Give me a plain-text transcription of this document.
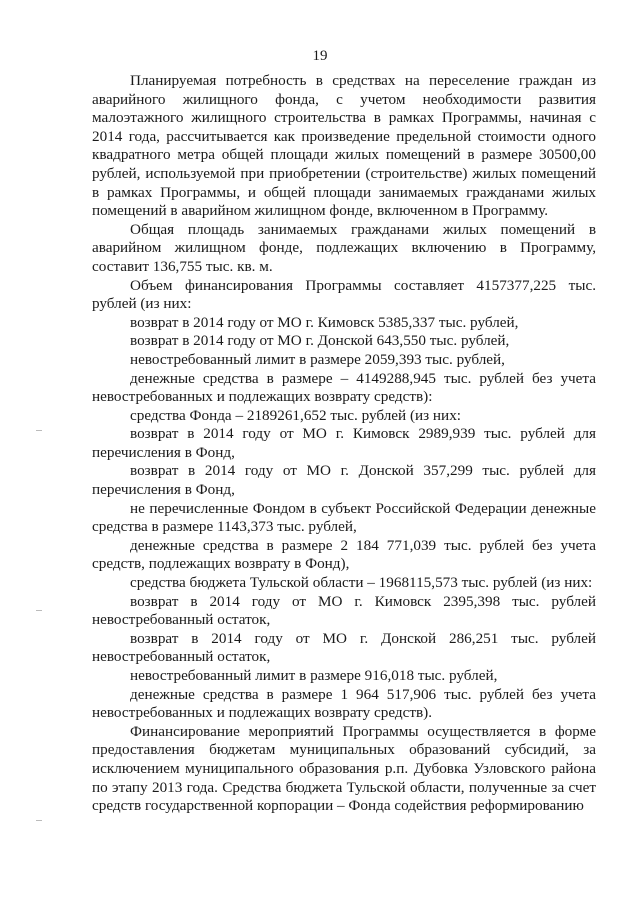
19

Планируемая потребность в средствах на переселение граждан из аварийного жилищного фонда, с учетом необходимости развития малоэтажного жилищного строительства в рамках Программы, начиная с 2014 года, рассчитывается как произведение предельной стоимости одного квадратного метра общей площади жилых помещений в размере 30500,00 рублей, используемой при приобретении (строительстве) жилых помещений в рамках Программы, и общей площади занимаемых гражданами жилых помещений в аварийном жилищном фонде, включенном в Программу.

Общая площадь занимаемых гражданами жилых помещений в аварийном жилищном фонде, подлежащих включению в Программу, составит 136,755 тыс. кв. м.

Объем финансирования Программы составляет 4157377,225 тыс. рублей (из них:

возврат в 2014 году от МО г. Кимовск 5385,337 тыс. рублей,

возврат в 2014 году от МО г. Донской 643,550 тыс. рублей,

невостребованный лимит в размере 2059,393 тыс. рублей,

денежные средства в размере – 4149288,945 тыс. рублей без учета невостребованных и подлежащих возврату средств):

средства Фонда – 2189261,652 тыс. рублей (из них:

возврат в 2014 году от МО г. Кимовск 2989,939 тыс. рублей для перечисления в Фонд,

возврат в 2014 году от МО г. Донской 357,299 тыс. рублей для перечисления в Фонд,

не перечисленные Фондом в субъект Российской Федерации денежные средства в размере 1143,373 тыс. рублей,

денежные средства в размере 2 184 771,039 тыс. рублей без учета средств, подлежащих возврату в Фонд),

средства бюджета Тульской области – 1968115,573 тыс. рублей (из них:

возврат в 2014 году от МО г. Кимовск 2395,398 тыс. рублей невостребованный остаток,

возврат в 2014 году от МО г. Донской 286,251 тыс. рублей невостребованный остаток,

невостребованный лимит в размере 916,018 тыс. рублей,

денежные средства в размере 1 964 517,906 тыс. рублей без учета невостребованных и подлежащих возврату средств).

Финансирование мероприятий Программы осуществляется в форме предоставления бюджетам муниципальных образований субсидий, за исключением муниципального образования р.п. Дубовка Узловского района по этапу 2013 года. Средства бюджета Тульской области, полученные за счет средств государственной корпорации – Фонда содействия реформированию
